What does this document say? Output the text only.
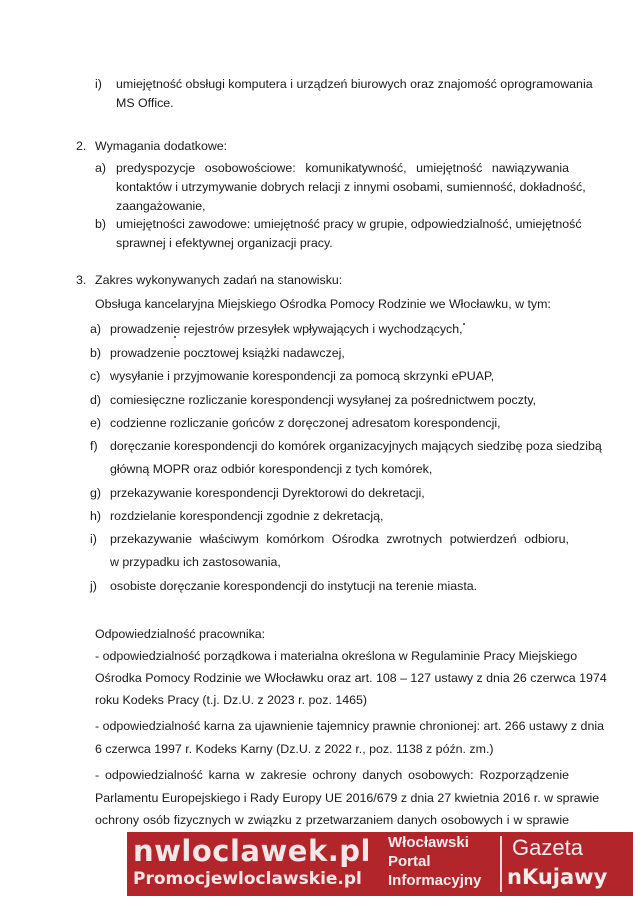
i) umiejętność obsługi komputera i urządzeń biurowych oraz znajomość oprogramowania
MS Office.
2. Wymagania dodatkowe:
a) predyspozycje osobowościowe: komunikatywność, umiejętność nawiązywania
kontaktów i utrzymywanie dobrych relacji z innymi osobami, sumienność, dokładność,
zaangażowanie,
b) umiejętności zawodowe: umiejętność pracy w grupie, odpowiedzialność, umiejętność
sprawnej i efektywnej organizacji pracy.
3. Zakres wykonywanych zadań na stanowisku:
Obsługa kancelaryjna Miejskiego Ośrodka Pomocy Rodzinie we Włocławku, w tym:
a) prowadzenie rejestrów przesyłek wpływających i wychodzących,
b) prowadzenie pocztowej książki nadawczej,
c) wysyłanie i przyjmowanie korespondencji za pomocą skrzynki ePUAP,
d) comiesięczne rozliczanie korespondencji wysyłanej za pośrednictwem poczty,
e) codzienne rozliczanie gońców z doręczonej adresatom korespondencji,
f) doręczanie korespondencji do komórek organizacyjnych mających siedzibę poza siedzibą
główną MOPR oraz odbiór korespondencji z tych komórek,
g) przekazywanie korespondencji Dyrektorowi do dekretacji,
h) rozdzielanie korespondencji zgodnie z dekretacją,
i) przekazywanie właściwym komórkom Ośrodka zwrotnych potwierdzeń odbioru,
w przypadku ich zastosowania,
j) osobiste doręczanie korespondencji do instytucji na terenie miasta.
Odpowiedzialność pracownika:
- odpowiedzialność porządkowa i materialna określona w Regulaminie Pracy Miejskiego
Ośrodka Pomocy Rodzinie we Włocławku oraz art. 108 – 127 ustawy z dnia 26 czerwca 1974
roku Kodeks Pracy (t.j. Dz.U. z 2023 r. poz. 1465)
- odpowiedzialność karna za ujawnienie tajemnicy prawnie chronionej: art. 266 ustawy z dnia
6 czerwca 1997 r. Kodeks Karny (Dz.U. z 2022 r., poz. 1138 z późn. zm.)
- odpowiedzialność karna w zakresie ochrony danych osobowych: Rozporządzenie
Parlamentu Europejskiego i Rady Europy UE 2016/679 z dnia 27 kwietnia 2016 r. w sprawie
ochrony osób fizycznych w związku z przetwarzaniem danych osobowych i w sprawie
nwloclawek.pl
Promocjewloclawskie.pl
Włocławski
Portal
Informacyjny
Gazeta
nKujawy
